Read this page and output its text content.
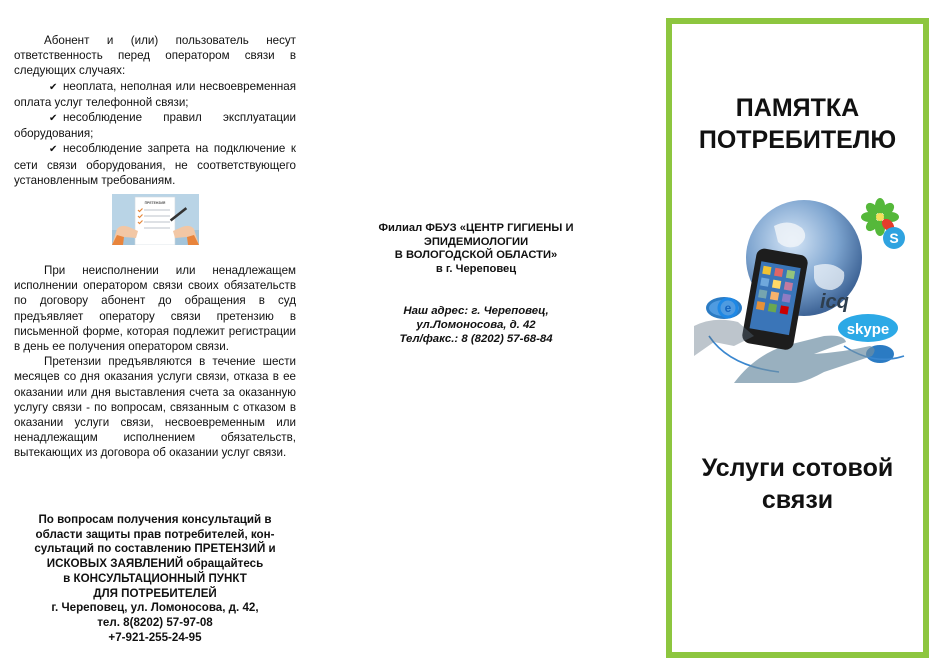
Абонент и (или) пользователь несут ответственность перед оператором связи в следующих случаях:

✔ неоплата, неполная или несвоевременная оплата услуг телефонной связи;

✔ несоблюдение правил эксплуатации оборудования;

✔ несоблюдение запрета на подключение к сети связи оборудования, не соответствующего установленным требованиям.

ПРЕТЕНЗИЯ

При неисполнении или ненадлежащем исполнении оператором связи своих обязательств по договору абонент до обращения в суд предъявляет оператору связи претензию в письменной форме, которая подлежит регистрации в день ее получения оператором связи.

Претензии предъявляются в течение шести месяцев со дня оказания услуги связи, отказа в ее оказании или дня выставления счета за оказанную услугу связи - по вопросам, связанным с отказом в оказании услуги связи, несвоевременным или ненадлежащим исполнением обязательств, вытекающих из договора об оказании услуг связи.

По вопросам получения консультаций в
области защиты прав потребителей, кон-
сультаций по составлению ПРЕТЕНЗИЙ и
ИСКОВЫХ ЗАЯВЛЕНИЙ обращайтесь
в КОНСУЛЬТАЦИОННЫЙ ПУНКТ
ДЛЯ ПОТРЕБИТЕЛЕЙ
г. Череповец, ул. Ломоносова, д. 42,
тел. 8(8202) 57-97-08
+7-921-255-24-95
Филиал ФБУЗ «ЦЕНТР ГИГИЕНЫ И
ЭПИДЕМИОЛОГИИ
В ВОЛОГОДСКОЙ ОБЛАСТИ»
в г. Череповец
Наш адрес: г. Череповец,
ул.Ломоносова, д. 42
Тел/факс.: 8 (8202) 57-68-84
ПАМЯТКА
ПОТРЕБИТЕЛЮ
S
e	icq
skype
Услуги сотовой
связи
